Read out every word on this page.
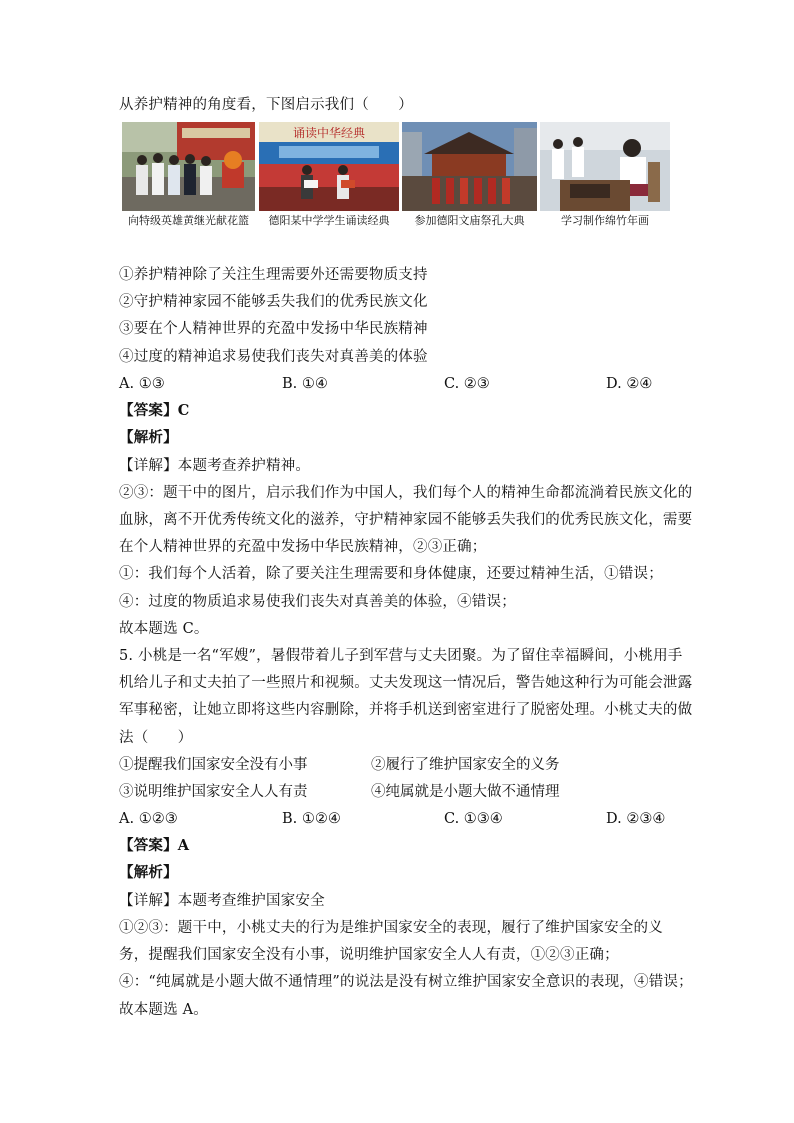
从养护精神的角度看，下图启示我们（　　）
诵读中华经典
向特级英雄黄继光献花篮	德阳某中学学生诵读经典	参加德阳文庙祭孔大典	学习制作绵竹年画
①养护精神除了关注生理需要外还需要物质支持
②守护精神家园不能够丢失我们的优秀民族文化
③要在个人精神世界的充盈中发扬中华民族精神
④过度的精神追求易使我们丧失对真善美的体验
A. ①③	B. ①④	C. ②③	D. ②④
【答案】C
【解析】
【详解】本题考查养护精神。
②③：题干中的图片，启示我们作为中国人，我们每个人的精神生命都流淌着民族文化的
血脉，离不开优秀传统文化的滋养，守护精神家园不能够丢失我们的优秀民族文化，需要
在个人精神世界的充盈中发扬中华民族精神，②③正确；
①：我们每个人活着，除了要关注生理需要和身体健康，还要过精神生活，①错误；
④：过度的物质追求易使我们丧失对真善美的体验，④错误；
故本题选 C。
5. 小桃是一名“军嫂”，暑假带着儿子到军营与丈夫团聚。为了留住幸福瞬间，小桃用手
机给儿子和丈夫拍了一些照片和视频。丈夫发现这一情况后，警告她这种行为可能会泄露
军事秘密，让她立即将这些内容删除，并将手机送到密室进行了脱密处理。小桃丈夫的做
法（　　）
①提醒我们国家安全没有小事	②履行了维护国家安全的义务
③说明维护国家安全人人有责	④纯属就是小题大做不通情理
A. ①②③	B. ①②④	C. ①③④	D. ②③④
【答案】A
【解析】
【详解】本题考查维护国家安全
①②③：题干中，小桃丈夫的行为是维护国家安全的表现，履行了维护国家安全的义
务，提醒我们国家安全没有小事，说明维护国家安全人人有责，①②③正确；
④：“纯属就是小题大做不通情理”的说法是没有树立维护国家安全意识的表现，④错误；
故本题选 A。
